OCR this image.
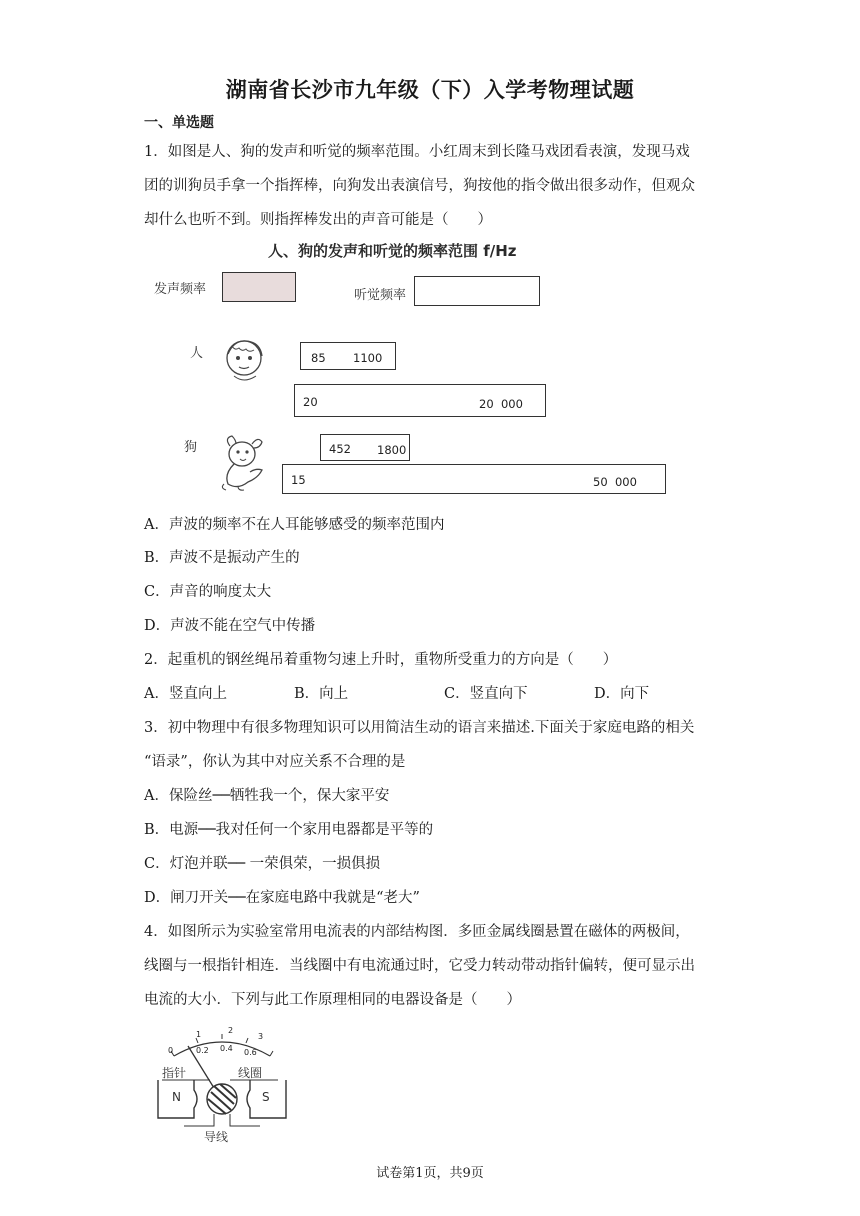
湖南省长沙市九年级（下）入学考物理试题
一、单选题
1．如图是人、狗的发声和听觉的频率范围。小红周末到长隆马戏团看表演，发现马戏
团的训狗员手拿一个指挥棒，向狗发出表演信号，狗按他的指令做出很多动作，但观众
却什么也听不到。则指挥棒发出的声音可能是（　　）
人、狗的发声和听觉的频率范围 f/Hz
发声频率	听觉频率
人	85 1100
20	20  000
狗	452 1800
15	50  000
A．声波的频率不在人耳能够感受的频率范围内
B．声波不是振动产生的
C．声音的响度太大
D．声波不能在空气中传播
2．起重机的钢丝绳吊着重物匀速上升时，重物所受重力的方向是（　　）
A．竖直向上	B．向上	C．竖直向下	D．向下
3．初中物理中有很多物理知识可以用简洁生动的语言来描述.下面关于家庭电路的相关
“语录”，你认为其中对应关系不合理的是
A．保险丝──牺牲我一个，保大家平安
B．电源──我对任何一个家用电器都是平等的
C．灯泡并联── 一荣俱荣，一损俱损
D．闸刀开关──在家庭电路中我就是“老大”
4．如图所示为实验室常用电流表的内部结构图．多匝金属线圈悬置在磁体的两极间，
线圈与一根指针相连．当线圈中有电流通过时，它受力转动带动指针偏转，便可显示出
电流的大小．下列与此工作原理相同的电器设备是（　　）
0
1	2
3
0.2 0.4 0.6
指针	线圈
N	S
导线
试卷第1页，共9页
